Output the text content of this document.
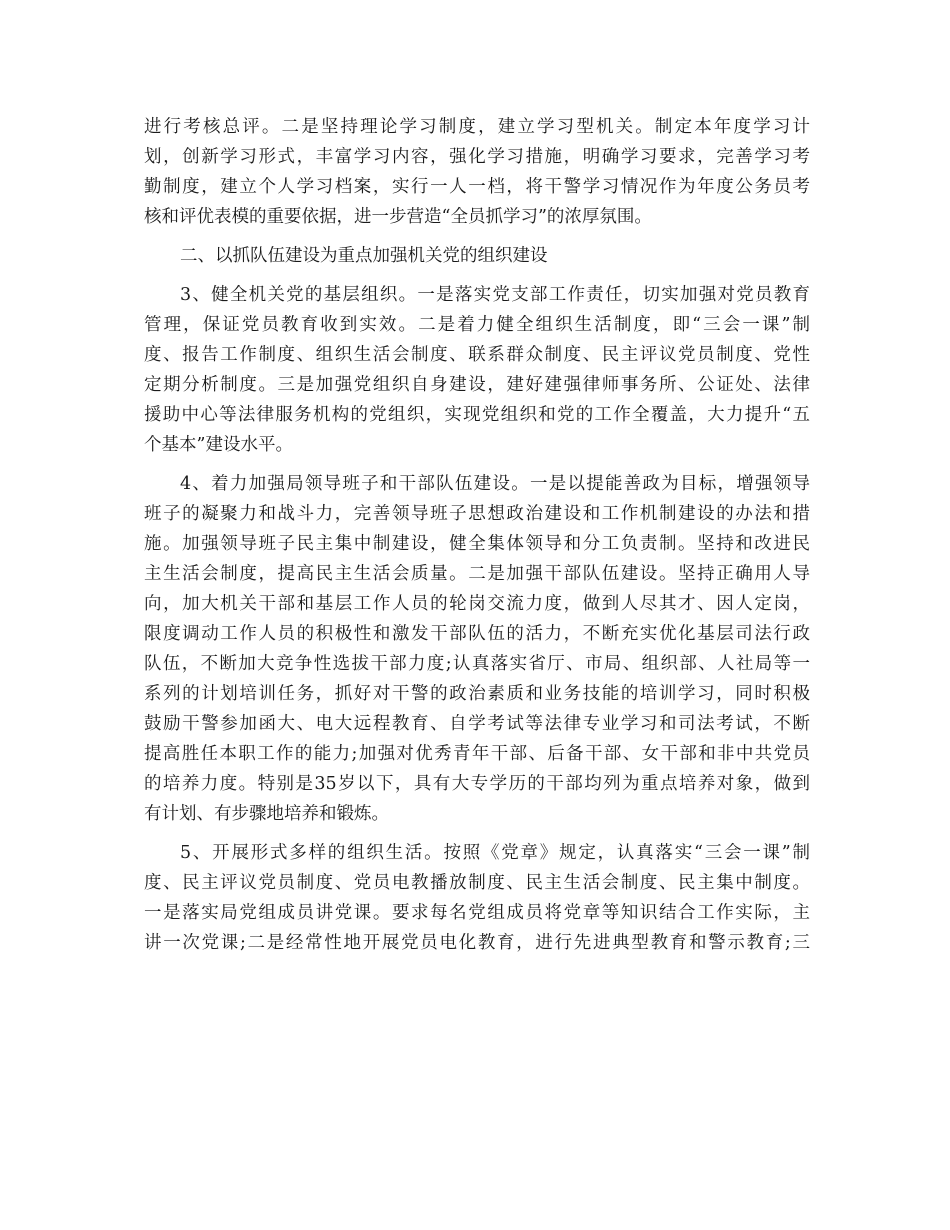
进行考核总评。二是坚持理论学习制度，建立学习型机关。制定本年度学习计
划，创新学习形式，丰富学习内容，强化学习措施，明确学习要求，完善学习考
勤制度，建立个人学习档案，实行一人一档，将干警学习情况作为年度公务员考
核和评优表模的重要依据，进一步营造“全员抓学习”的浓厚氛围。
二、以抓队伍建设为重点加强机关党的组织建设
3、健全机关党的基层组织。一是落实党支部工作责任，切实加强对党员教育
管理，保证党员教育收到实效。二是着力健全组织生活制度，即“三会一课”制
度、报告工作制度、组织生活会制度、联系群众制度、民主评议党员制度、党性
定期分析制度。三是加强党组织自身建设，建好建强律师事务所、公证处、法律
援助中心等法律服务机构的党组织，实现党组织和党的工作全覆盖，大力提升“五
个基本”建设水平。
4、着力加强局领导班子和干部队伍建设。一是以提能善政为目标，增强领导
班子的凝聚力和战斗力，完善领导班子思想政治建设和工作机制建设的办法和措
施。加强领导班子民主集中制建设，健全集体领导和分工负责制。坚持和改进民
主生活会制度，提高民主生活会质量。二是加强干部队伍建设。坚持正确用人导
向，加大机关干部和基层工作人员的轮岗交流力度，做到人尽其才、因人定岗，
限度调动工作人员的积极性和激发干部队伍的活力，不断充实优化基层司法行政
队伍，不断加大竞争性选拔干部力度;认真落实省厅、市局、组织部、人社局等一
系列的计划培训任务，抓好对干警的政治素质和业务技能的培训学习，同时积极
鼓励干警参加函大、电大远程教育、自学考试等法律专业学习和司法考试，不断
提高胜任本职工作的能力;加强对优秀青年干部、后备干部、女干部和非中共党员
的培养力度。特别是35岁以下，具有大专学历的干部均列为重点培养对象，做到
有计划、有步骤地培养和锻炼。
5、开展形式多样的组织生活。按照《党章》规定，认真落实“三会一课”制
度、民主评议党员制度、党员电教播放制度、民主生活会制度、民主集中制度。
一是落实局党组成员讲党课。要求每名党组成员将党章等知识结合工作实际，主
讲一次党课;二是经常性地开展党员电化教育，进行先进典型教育和警示教育;三
